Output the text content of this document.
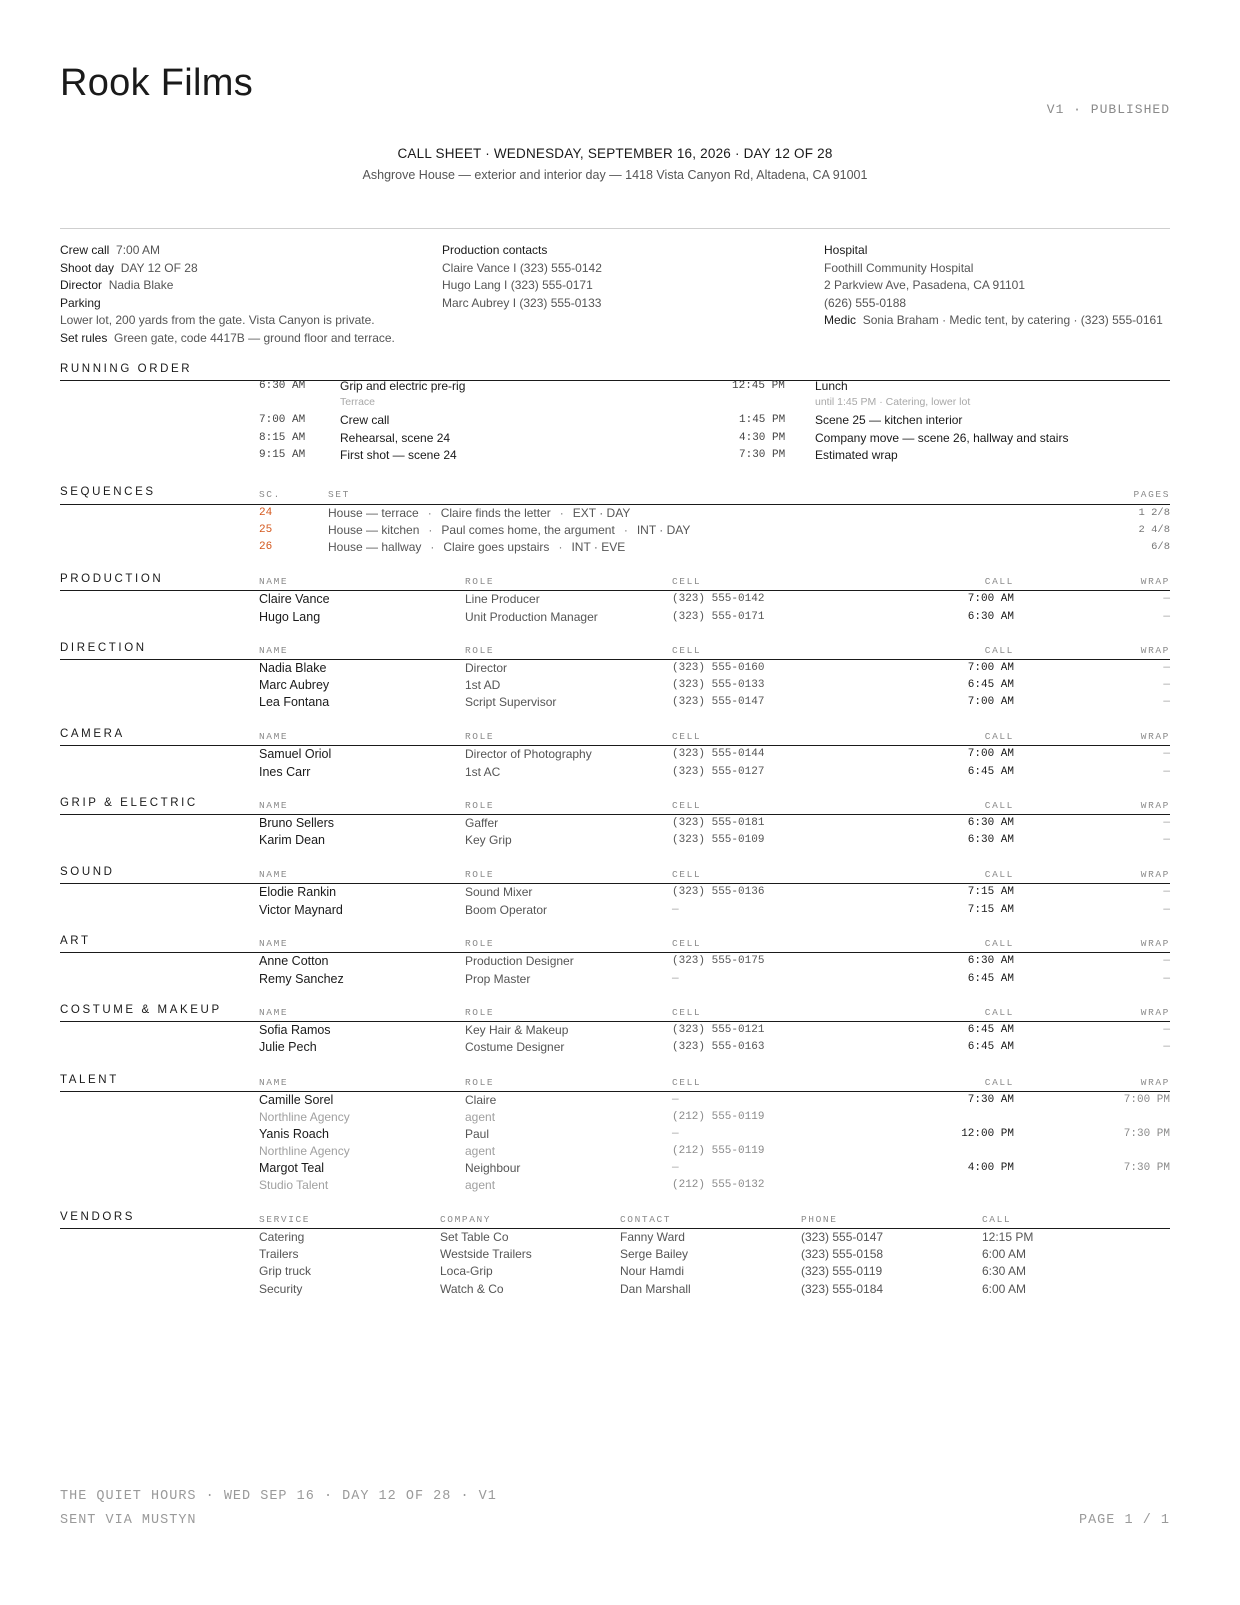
Rook Films
V1 · PUBLISHED
CALL SHEET · WEDNESDAY, SEPTEMBER 16, 2026 · DAY 12 OF 28
Ashgrove House — exterior and interior day — 1418 Vista Canyon Rd, Altadena, CA 91001
Crew call 7:00 AM
Shoot day DAY 12 OF 28
Director Nadia Blake
Parking
Lower lot, 200 yards from the gate. Vista Canyon is private.
Set rules Green gate, code 4417B — ground floor and terrace.
Production contacts
Claire Vance I (323) 555-0142
Hugo Lang I (323) 555-0171
Marc Aubrey I (323) 555-0133
Hospital
Foothill Community Hospital
2 Parkview Ave, Pasadena, CA 91101
(626) 555-0188
Medic Sonia Braham · Medic tent, by catering · (323) 555-0161
RUNNING ORDER
6:30 AM	Grip and electric pre-rig
Terrace
7:00 AM	Crew call
8:15 AM	Rehearsal, scene 24
9:15 AM	First shot — scene 24
12:45 PM	Lunch
until 1:45 PM · Catering, lower lot
1:45 PM Scene 25 — kitchen interior
4:30 PM Company move — scene 26, hallway and stairs
7:30 PM Estimated wrap
SEQUENCES	SC.	SET	PAGES
24	House — terrace · Claire finds the letter · EXT · DAY	1 2/8
25	House — kitchen · Paul comes home, the argument · INT · DAY	2 4/8
26	House — hallway · Claire goes upstairs · INT · EVE	6/8
PRODUCTION	NAME	ROLE	CELL	CALL	WRAP
Claire Vance	Line Producer	(323) 555-0142	7:00 AM	—
Hugo Lang	Unit Production Manager	(323) 555-0171	6:30 AM	—
DIRECTION	NAME	ROLE	CELL	CALL	WRAP
Nadia Blake	Director	(323) 555-0160	7:00 AM	—
Marc Aubrey	1st AD	(323) 555-0133	6:45 AM	—
Lea Fontana	Script Supervisor	(323) 555-0147	7:00 AM	—
CAMERA	NAME	ROLE	CELL	CALL	WRAP
Samuel Oriol	Director of Photography	(323) 555-0144	7:00 AM	—
Ines Carr	1st AC	(323) 555-0127	6:45 AM	—
GRIP & ELECTRIC	NAME	ROLE	CELL	CALL	WRAP
Bruno Sellers	Gaffer	(323) 555-0181	6:30 AM	—
Karim Dean	Key Grip	(323) 555-0109	6:30 AM	—
SOUND	NAME	ROLE	CELL	CALL	WRAP
Elodie Rankin	Sound Mixer	(323) 555-0136	7:15 AM	—
Victor Maynard	Boom Operator	—	7:15 AM	—
ART	NAME	ROLE	CELL	CALL	WRAP
Anne Cotton	Production Designer	(323) 555-0175	6:30 AM	—
Remy Sanchez	Prop Master	—	6:45 AM	—
COSTUME & MAKEUP	NAME	ROLE	CELL	CALL	WRAP
Sofia Ramos	Key Hair & Makeup	(323) 555-0121	6:45 AM	—
Julie Pech	Costume Designer	(323) 555-0163	6:45 AM	—
TALENT	NAME	ROLE	CELL	CALL	WRAP
Camille Sorel	Claire	—	7:30 AM	7:00 PM
Northline Agency	agent	(212) 555-0119
Yanis Roach	Paul	—	12:00 PM	7:30 PM
Northline Agency	agent	(212) 555-0119
Margot Teal	Neighbour	—	4:00 PM	7:30 PM
Studio Talent	agent	(212) 555-0132
VENDORS	SERVICE	COMPANY	CONTACT	PHONE	CALL
Catering	Set Table Co	Fanny Ward	(323) 555-0147	12:15 PM
Trailers	Westside Trailers	Serge Bailey	(323) 555-0158	6:00 AM
Grip truck	Loca-Grip	Nour Hamdi	(323) 555-0119	6:30 AM
Security	Watch & Co	Dan Marshall	(323) 555-0184	6:00 AM
THE QUIET HOURS · WED SEP 16 · DAY 12 OF 28 · V1
SENT VIA MUSTYN	PAGE 1 / 1
